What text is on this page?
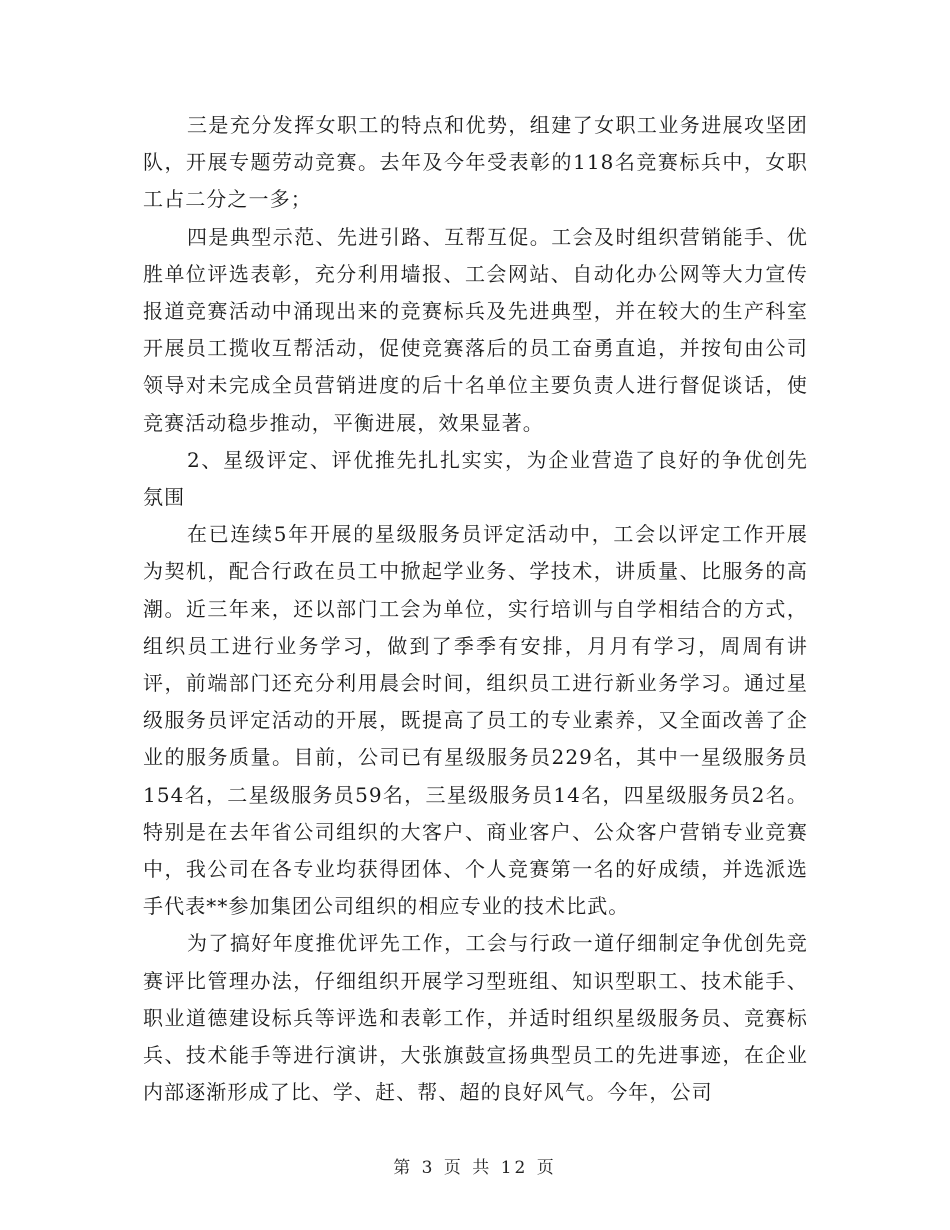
三是充分发挥女职工的特点和优势，组建了女职工业务进展攻坚团队，开展专题劳动竞赛。去年及今年受表彰的118名竞赛标兵中，女职工占二分之一多；

四是典型示范、先进引路、互帮互促。工会及时组织营销能手、优胜单位评选表彰，充分利用墙报、工会网站、自动化办公网等大力宣传报道竞赛活动中涌现出来的竞赛标兵及先进典型，并在较大的生产科室开展员工揽收互帮活动，促使竞赛落后的员工奋勇直追，并按旬由公司领导对未完成全员营销进度的后十名单位主要负责人进行督促谈话，使竞赛活动稳步推动，平衡进展，效果显著。

2、星级评定、评优推先扎扎实实，为企业营造了良好的争优创先氛围

在已连续5年开展的星级服务员评定活动中，工会以评定工作开展为契机，配合行政在员工中掀起学业务、学技术，讲质量、比服务的高潮。近三年来，还以部门工会为单位，实行培训与自学相结合的方式，组织员工进行业务学习，做到了季季有安排，月月有学习，周周有讲评，前端部门还充分利用晨会时间，组织员工进行新业务学习。通过星级服务员评定活动的开展，既提高了员工的专业素养，又全面改善了企业的服务质量。目前，公司已有星级服务员229名，其中一星级服务员154名，二星级服务员59名，三星级服务员14名，四星级服务员2名。特别是在去年省公司组织的大客户、商业客户、公众客户营销专业竞赛中，我公司在各专业均获得团体、个人竞赛第一名的好成绩，并选派选手代表**参加集团公司组织的相应专业的技术比武。

为了搞好年度推优评先工作，工会与行政一道仔细制定争优创先竞赛评比管理办法，仔细组织开展学习型班组、知识型职工、技术能手、职业道德建设标兵等评选和表彰工作，并适时组织星级服务员、竞赛标兵、技术能手等进行演讲，大张旗鼓宣扬典型员工的先进事迹，在企业内部逐渐形成了比、学、赶、帮、超的良好风气。今年，公司

第 3 页 共 12 页
